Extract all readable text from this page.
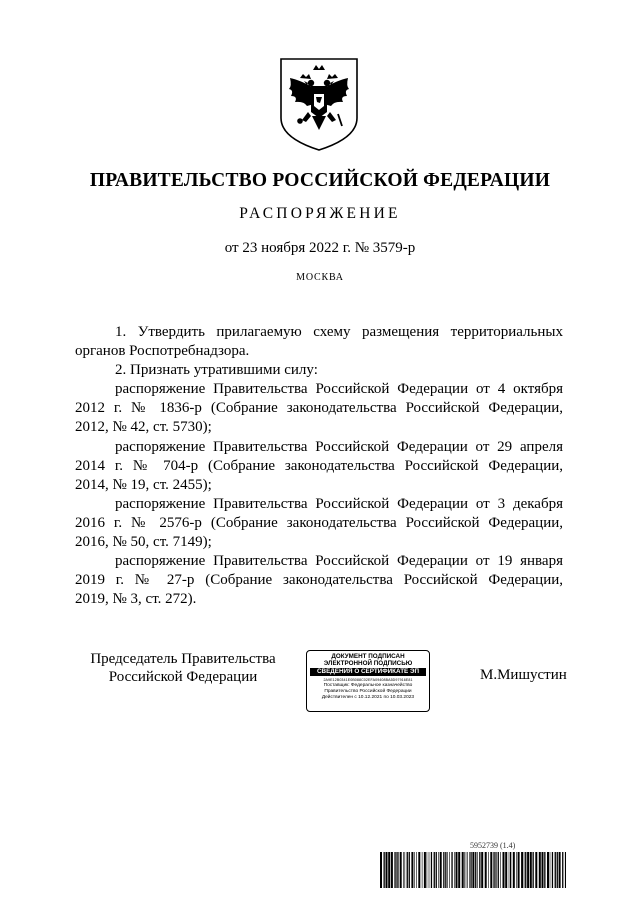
ПРАВИТЕЛЬСТВО РОССИЙСКОЙ ФЕДЕРАЦИИ
РАСПОРЯЖЕНИЕ
от 23 ноября 2022 г. № 3579-р
МОСКВА
1. Утвердить прилагаемую схему размещения территориальных
органов Роспотребнадзора.
2. Признать утратившими силу:
распоряжение Правительства Российской Федерации от 4 октября
2012 г. № 1836-р (Собрание законодательства Российской Федерации,
2012, № 42, ст. 5730);
распоряжение Правительства Российской Федерации от 29 апреля
2014 г. № 704-р (Собрание законодательства Российской Федерации,
2014, № 19, ст. 2455);
распоряжение Правительства Российской Федерации от 3 декабря
2016 г. № 2576-р (Собрание законодательства Российской Федерации,
2016, № 50, ст. 7149);
распоряжение Правительства Российской Федерации от 19 января
2019 г. № 27-р (Собрание законодательства Российской Федерации,
2019, № 3, ст. 272).
Председатель Правительства
Российской Федерации
ДОКУМЕНТ ПОДПИСАН
ЭЛЕКТРОННОЙ ПОДПИСЬЮ
СВЕДЕНИЯ О СЕРТИФИКАТЕ ЭП
2A9E12B0341E0B088C02EFA09408BA5D97916E81
Поставщик: Федеральное казначейство
Правительство Российской Федерации
Действителен с 10.12.2021 по 10.03.2023
М.Мишустин
5952739 (1.4)
